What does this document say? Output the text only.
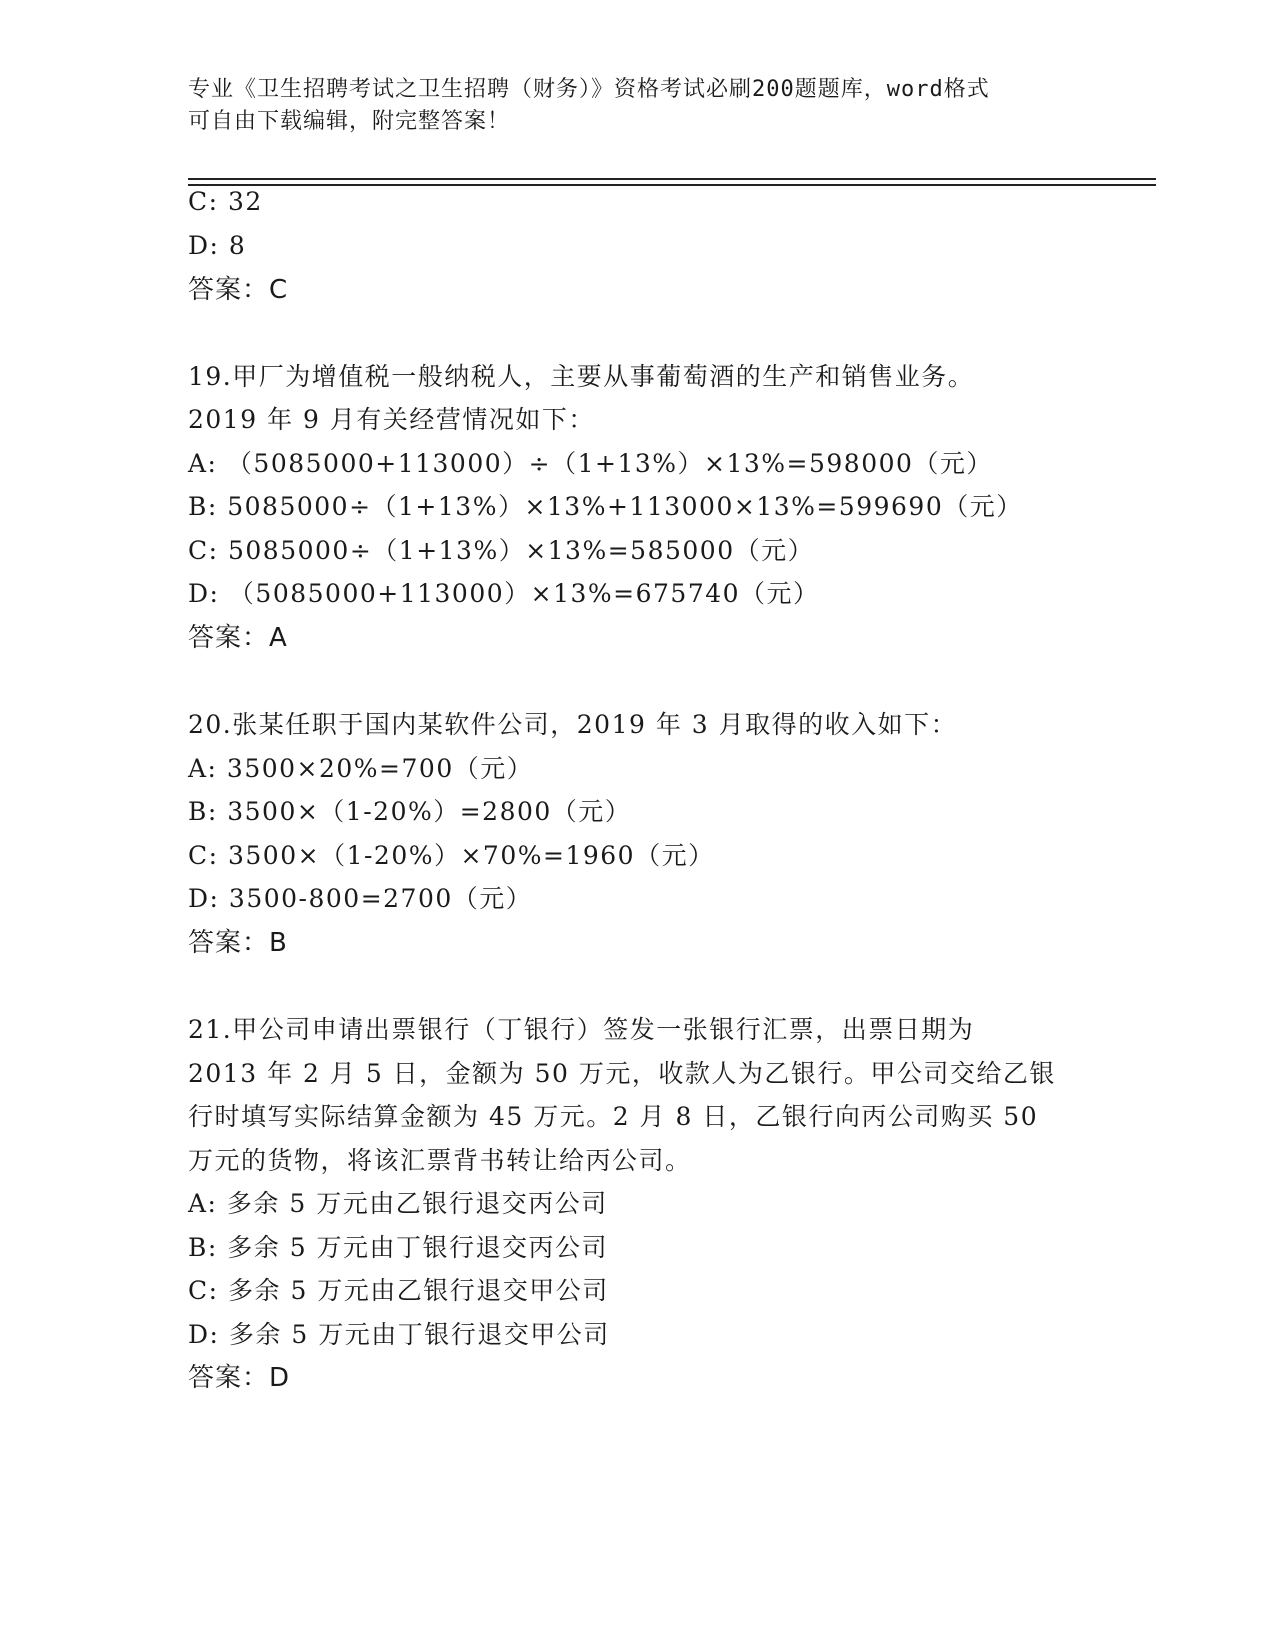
专业《卫生招聘考试之卫生招聘（财务）》资格考试必刷200题题库，word格式
可自由下载编辑，附完整答案！
C: 32
D: 8
答案：C
19.甲厂为增值税一般纳税人，主要从事葡萄酒的生产和销售业务。
2019 年 9 月有关经营情况如下：
A: （5085000+113000）÷（1+13%）×13%=598000（元）
B: 5085000÷（1+13%）×13%+113000×13%=599690（元）
C: 5085000÷（1+13%）×13%=585000（元）
D: （5085000+113000）×13%=675740（元）
答案：A
20.张某任职于国内某软件公司，2019 年 3 月取得的收入如下：
A: 3500×20%=700（元）
B: 3500×（1-20%）=2800（元）
C: 3500×（1-20%）×70%=1960（元）
D: 3500-800=2700（元）
答案：B
21.甲公司申请出票银行（丁银行）签发一张银行汇票，出票日期为
2013 年 2 月 5 日，金额为 50 万元，收款人为乙银行。甲公司交给乙银
行时填写实际结算金额为 45 万元。2 月 8 日，乙银行向丙公司购买 50
万元的货物，将该汇票背书转让给丙公司。
A: 多余 5 万元由乙银行退交丙公司
B: 多余 5 万元由丁银行退交丙公司
C: 多余 5 万元由乙银行退交甲公司
D: 多余 5 万元由丁银行退交甲公司
答案：D
